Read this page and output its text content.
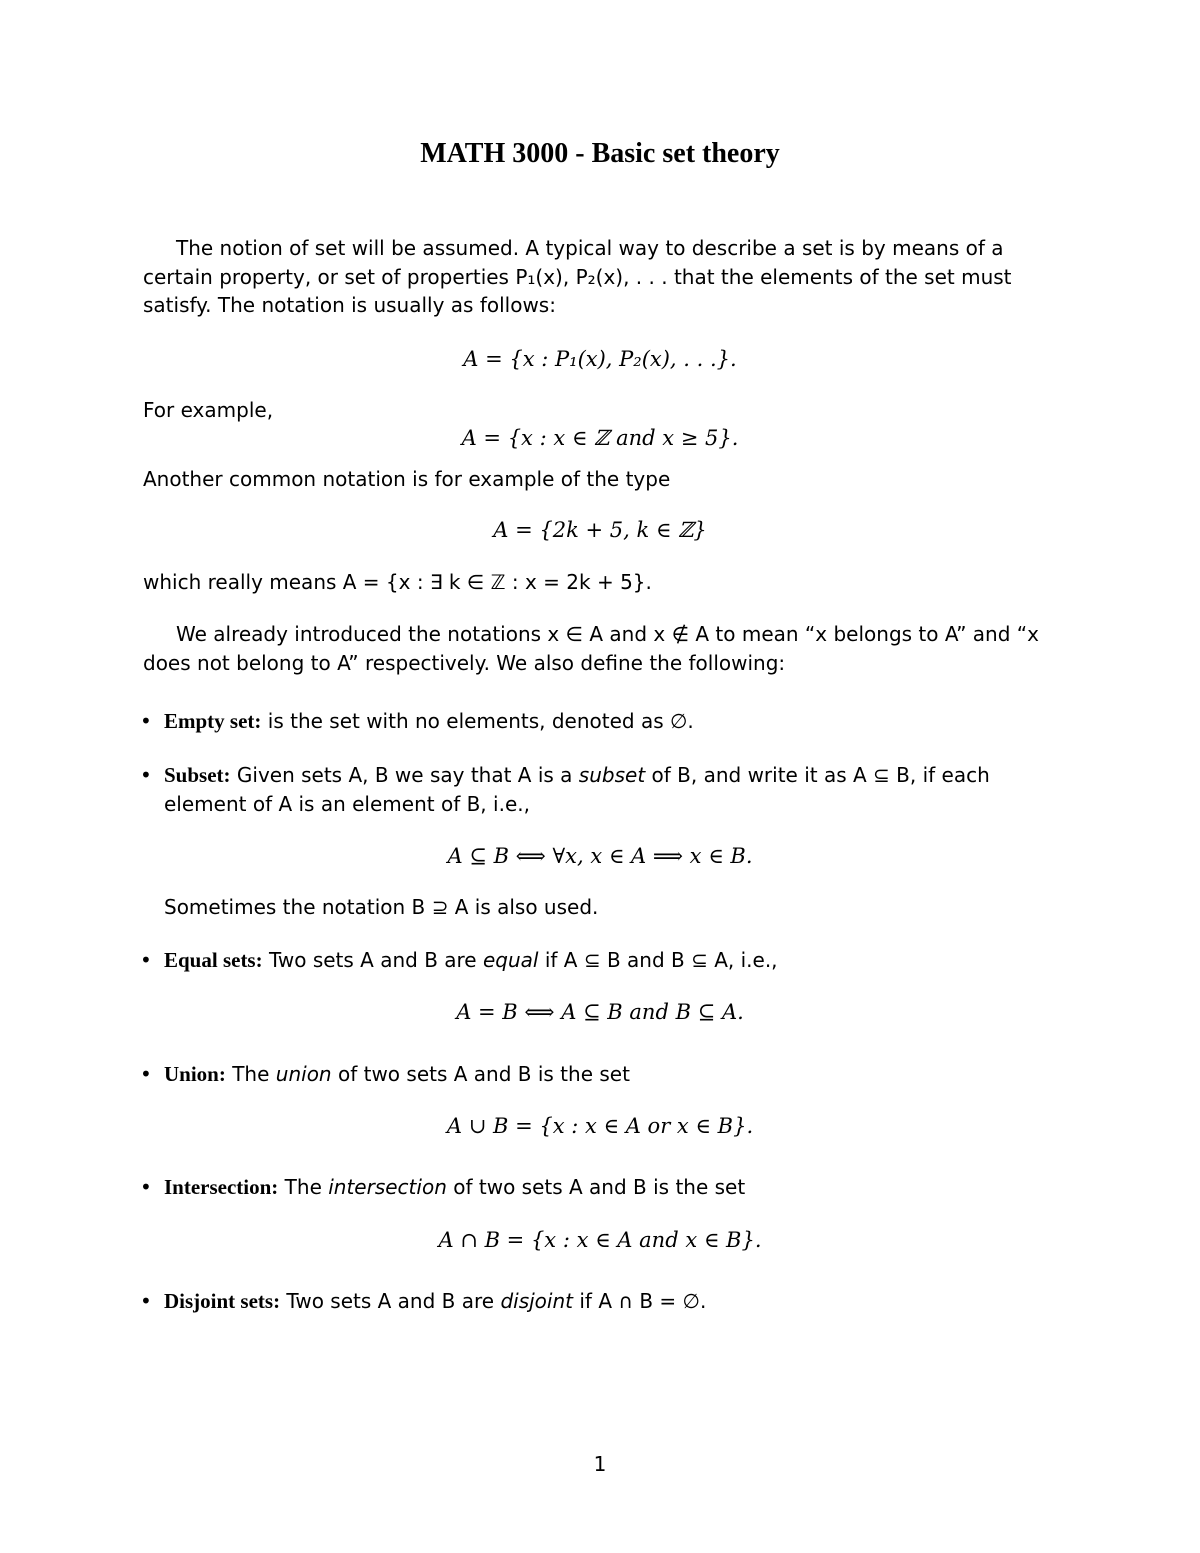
MATH 3000 - Basic set theory
The notion of set will be assumed. A typical way to describe a set is by means of a certain property, or set of properties P₁(x), P₂(x), . . . that the elements of the set must satisfy. The notation is usually as follows:
A = {x : P₁(x), P₂(x), . . .}.
For example,
A = {x : x ∈ ℤ and x ≥ 5}.
Another common notation is for example of the type
A = {2k + 5, k ∈ ℤ}
which really means A = {x : ∃ k ∈ ℤ : x = 2k + 5}.
We already introduced the notations x ∈ A and x ∉ A to mean “x belongs to A” and “x does not belong to A” respectively. We also define the following:
• Empty set: is the set with no elements, denoted as ∅.
• Subset: Given sets A, B we say that A is a subset of B, and write it as A ⊆ B, if each element of A is an element of B, i.e.,
A ⊆ B ⟺ ∀x, x ∈ A ⟹ x ∈ B.
Sometimes the notation B ⊇ A is also used.
• Equal sets: Two sets A and B are equal if A ⊆ B and B ⊆ A, i.e.,
A = B ⟺ A ⊆ B and B ⊆ A.
• Union: The union of two sets A and B is the set
A ∪ B = {x : x ∈ A or x ∈ B}.
• Intersection: The intersection of two sets A and B is the set
A ∩ B = {x : x ∈ A and x ∈ B}.
• Disjoint sets: Two sets A and B are disjoint if A ∩ B = ∅.
1
